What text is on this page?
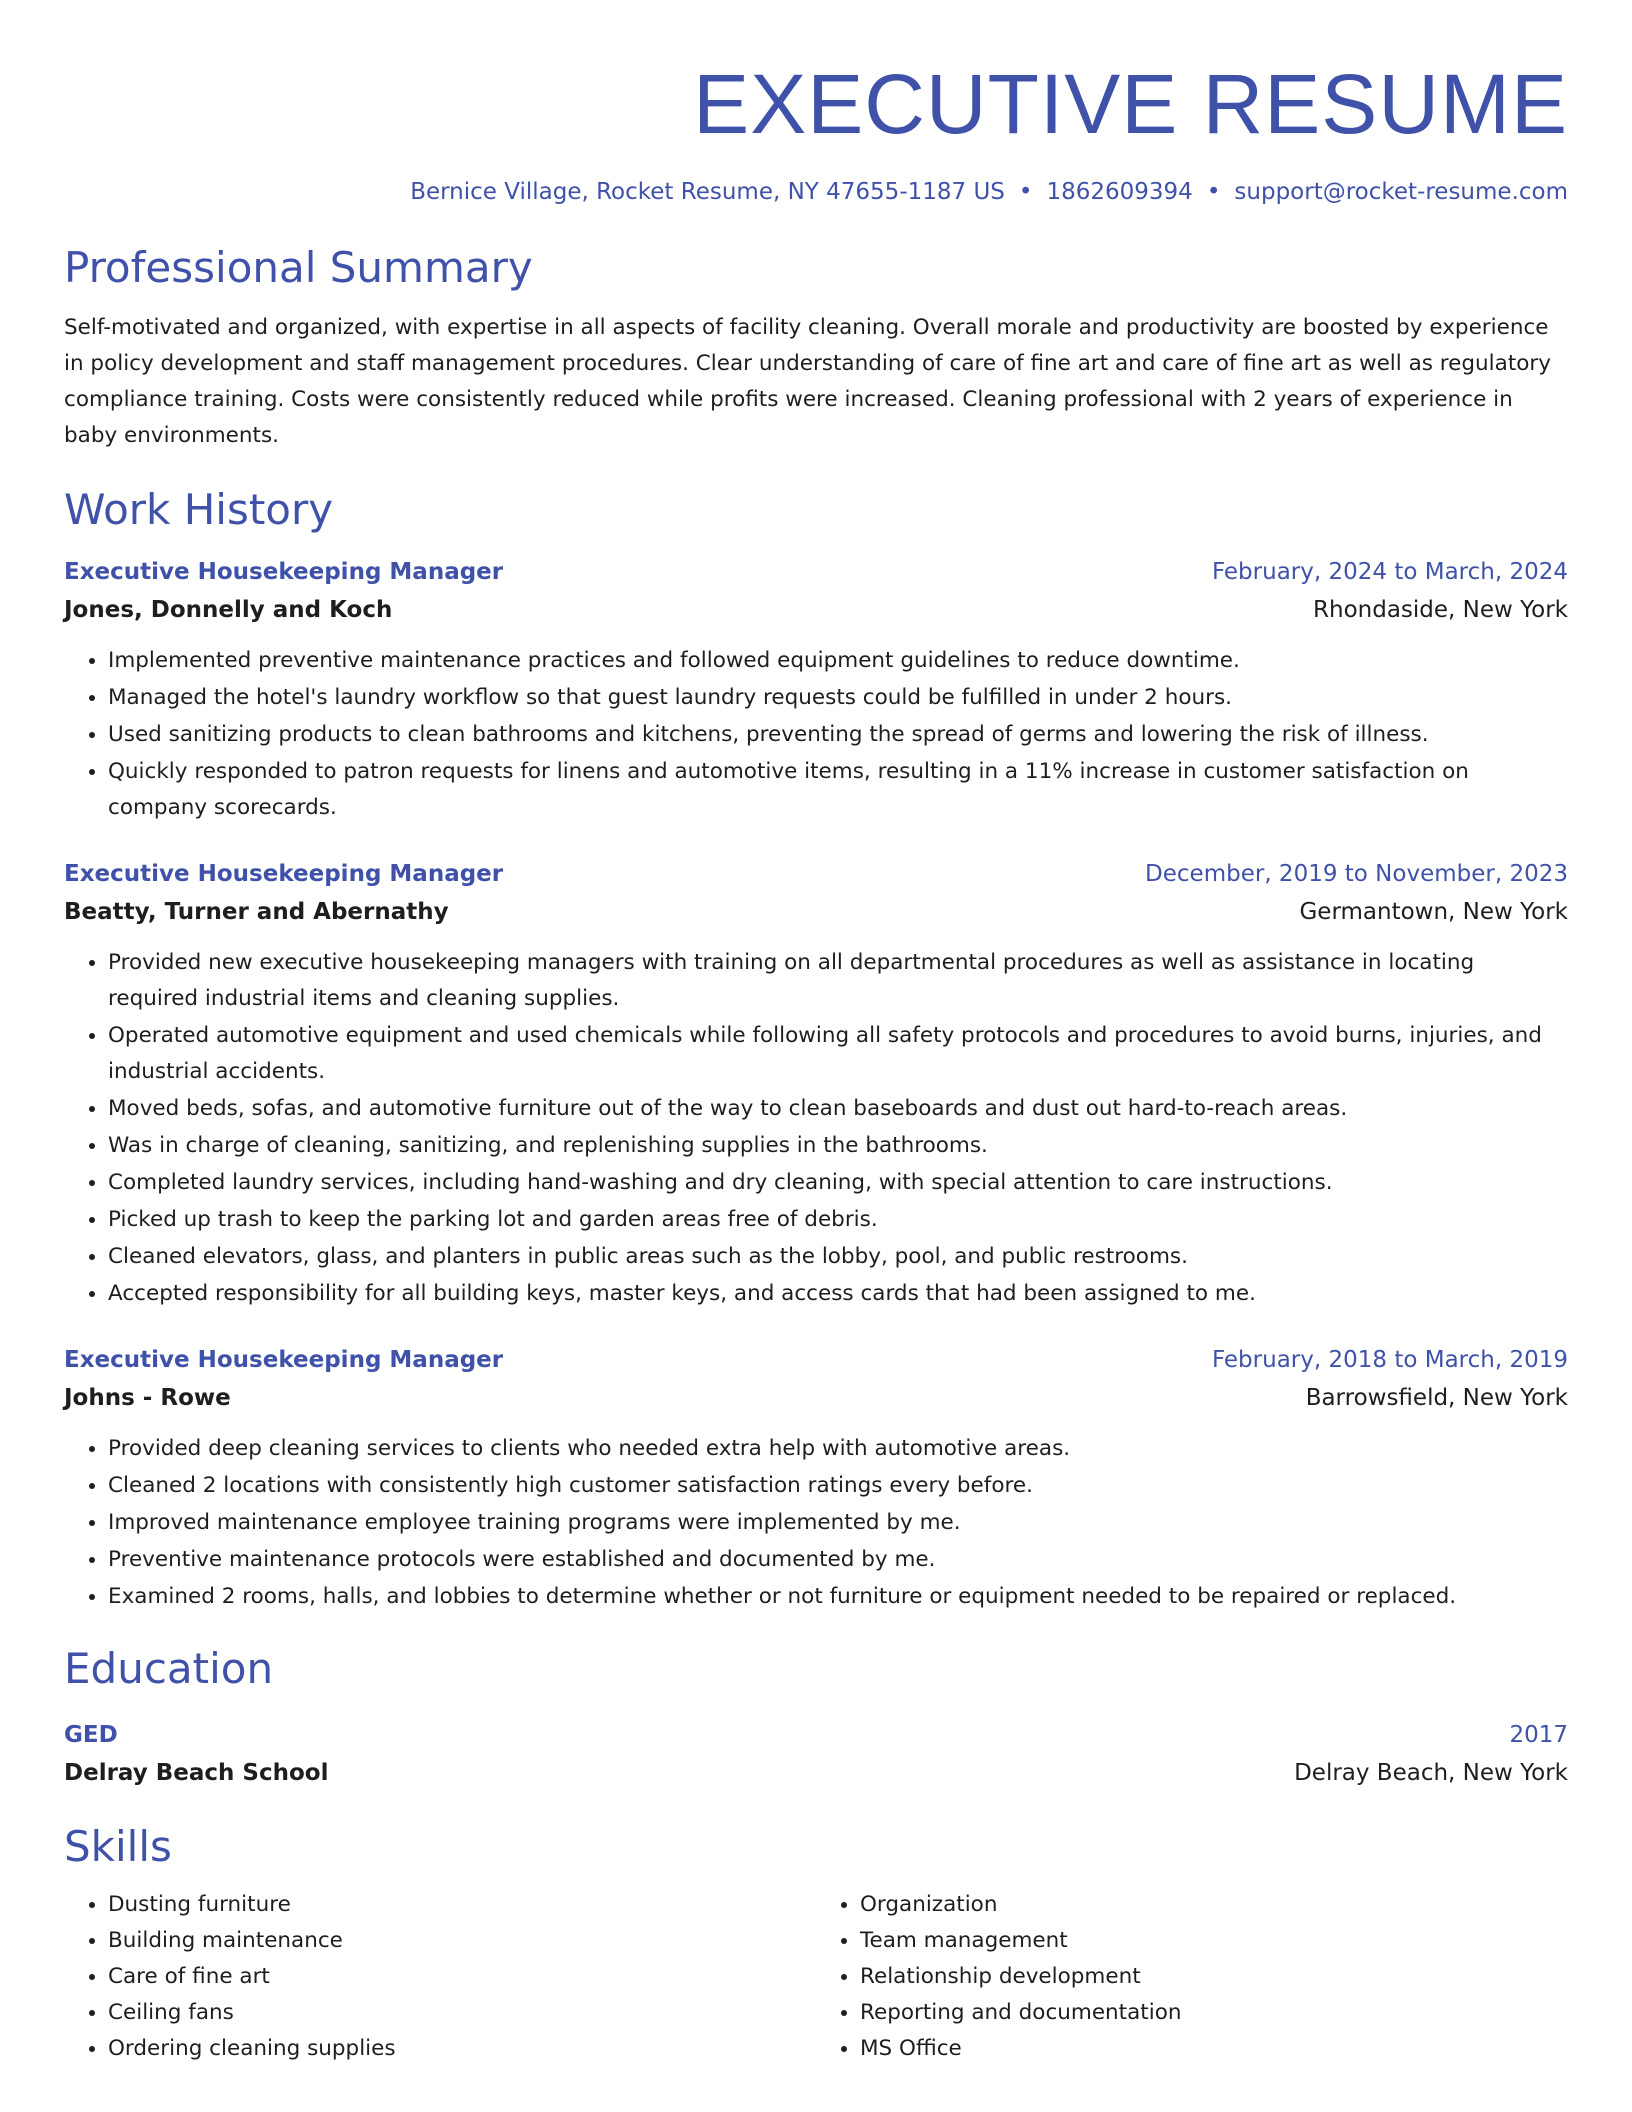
EXECUTIVE RESUME
Bernice Village, Rocket Resume, NY 47655-1187 US • 1862609394 • support@rocket-resume.com
Professional Summary

Self-motivated and organized, with expertise in all aspects of facility cleaning. Overall morale and productivity are boosted by experience in policy development and staff management procedures. Clear understanding of care of fine art and care of fine art as well as regulatory compliance training. Costs were consistently reduced while profits were increased. Cleaning professional with 2 years of experience in baby environments.

Work History
Executive Housekeeping Manager	February, 2024 to March, 2024
Jones, Donnelly and Koch	Rhondaside, New York
• Implemented preventive maintenance practices and followed equipment guidelines to reduce downtime.
• Managed the hotel's laundry workflow so that guest laundry requests could be fulfilled in under 2 hours.
• Used sanitizing products to clean bathrooms and kitchens, preventing the spread of germs and lowering the risk of illness.
• Quickly responded to patron requests for linens and automotive items, resulting in a 11% increase in customer satisfaction on company scorecards.
Executive Housekeeping Manager	December, 2019 to November, 2023
Beatty, Turner and Abernathy	Germantown, New York
• Provided new executive housekeeping managers with training on all departmental procedures as well as assistance in locating required industrial items and cleaning supplies.
• Operated automotive equipment and used chemicals while following all safety protocols and procedures to avoid burns, injuries, and industrial accidents.
• Moved beds, sofas, and automotive furniture out of the way to clean baseboards and dust out hard-to-reach areas.
• Was in charge of cleaning, sanitizing, and replenishing supplies in the bathrooms.
• Completed laundry services, including hand-washing and dry cleaning, with special attention to care instructions.
• Picked up trash to keep the parking lot and garden areas free of debris.
• Cleaned elevators, glass, and planters in public areas such as the lobby, pool, and public restrooms.
• Accepted responsibility for all building keys, master keys, and access cards that had been assigned to me.
Executive Housekeeping Manager	February, 2018 to March, 2019
Johns - Rowe	Barrowsfield, New York
• Provided deep cleaning services to clients who needed extra help with automotive areas.
• Cleaned 2 locations with consistently high customer satisfaction ratings every before.
• Improved maintenance employee training programs were implemented by me.
• Preventive maintenance protocols were established and documented by me.
• Examined 2 rooms, halls, and lobbies to determine whether or not furniture or equipment needed to be repaired or replaced.
Education
GED	2017
Delray Beach School	Delray Beach, New York
Skills
• Dusting furniture
• Building maintenance
• Care of fine art
• Ceiling fans
• Ordering cleaning supplies
• Organization
• Team management
• Relationship development
• Reporting and documentation
• MS Office
